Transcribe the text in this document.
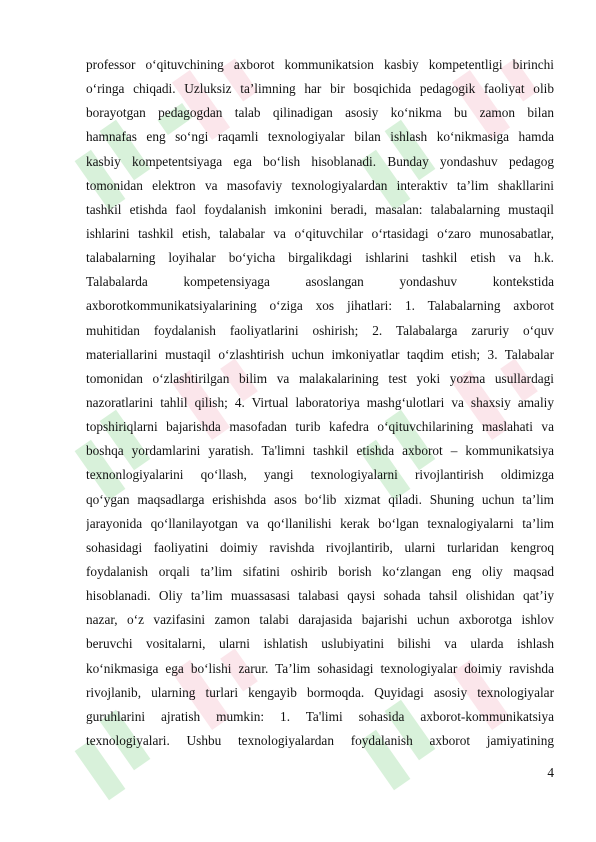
professor o‘qituvchining axborot kommunikatsion kasbiy kompetentligi birinchi
o‘ringa chiqadi. Uzluksiz ta’limning har bir bosqichida pedagogik faoliyat olib
borayotgan pedagogdan talab qilinadigan asosiy ko‘nikma bu zamon bilan
hamnafas eng so‘ngi raqamli texnologiyalar bilan ishlash ko‘nikmasiga hamda
kasbiy kompetentsiyaga ega bo‘lish hisoblanadi. Bunday yondashuv pedagog
tomonidan elektron va masofaviy texnologiyalardan interaktiv ta’lim shakllarini
tashkil etishda faol foydalanish imkonini beradi, masalan: talabalarning mustaqil
ishlarini tashkil etish, talabalar va o‘qituvchilar o‘rtasidagi o‘zaro munosabatlar,
talabalarning loyihalar bo‘yicha birgalikdagi ishlarini tashkil etish va h.k.
Talabalarda kompetensiyaga asoslangan yondashuv kontekstida
axborotkommunikatsiyalarining o‘ziga xos jihatlari: 1. Talabalarning axborot
muhitidan foydalanish faoliyatlarini oshirish; 2. Talabalarga zaruriy o‘quv
materiallarini mustaqil o‘zlashtirish uchun imkoniyatlar taqdim etish; 3. Talabalar
tomonidan o‘zlashtirilgan bilim va malakalarining test yoki yozma usullardagi
nazoratlarini tahlil qilish; 4. Virtual laboratoriya mashg‘ulotlari va shaxsiy amaliy
topshiriqlarni bajarishda masofadan turib kafedra o‘qituvchilarining maslahati va
boshqa yordamlarini yaratish. Ta'limni tashkil etishda axborot – kommunikatsiya
texnonlogiyalarini qo‘llash, yangi texnologiyalarni rivojlantirish oldimizga
qo‘ygan maqsadlarga erishishda asos bo‘lib xizmat qiladi. Shuning uchun ta’lim
jarayonida qo‘llanilayotgan va qo‘llanilishi kerak bo‘lgan texnalogiyalarni ta’lim
sohasidagi faoliyatini doimiy ravishda rivojlantirib, ularni turlaridan kengroq
foydalanish orqali ta’lim sifatini oshirib borish ko‘zlangan eng oliy maqsad
hisoblanadi. Oliy ta’lim muassasasi talabasi qaysi sohada tahsil olishidan qat’iy
nazar, o‘z vazifasini zamon talabi darajasida bajarishi uchun axborotga ishlov
beruvchi vositalarni, ularni ishlatish uslubiyatini bilishi va ularda ishlash
ko‘nikmasiga ega bo‘lishi zarur. Ta’lim sohasidagi texnologiyalar doimiy ravishda
rivojlanib, ularning turlari kengayib bormoqda. Quyidagi asosiy texnologiyalar
guruhlarini ajratish mumkin: 1. Ta'limi sohasida axborot-kommunikatsiya
texnologiyalari. Ushbu texnologiyalardan foydalanish axborot jamiyatining
4
